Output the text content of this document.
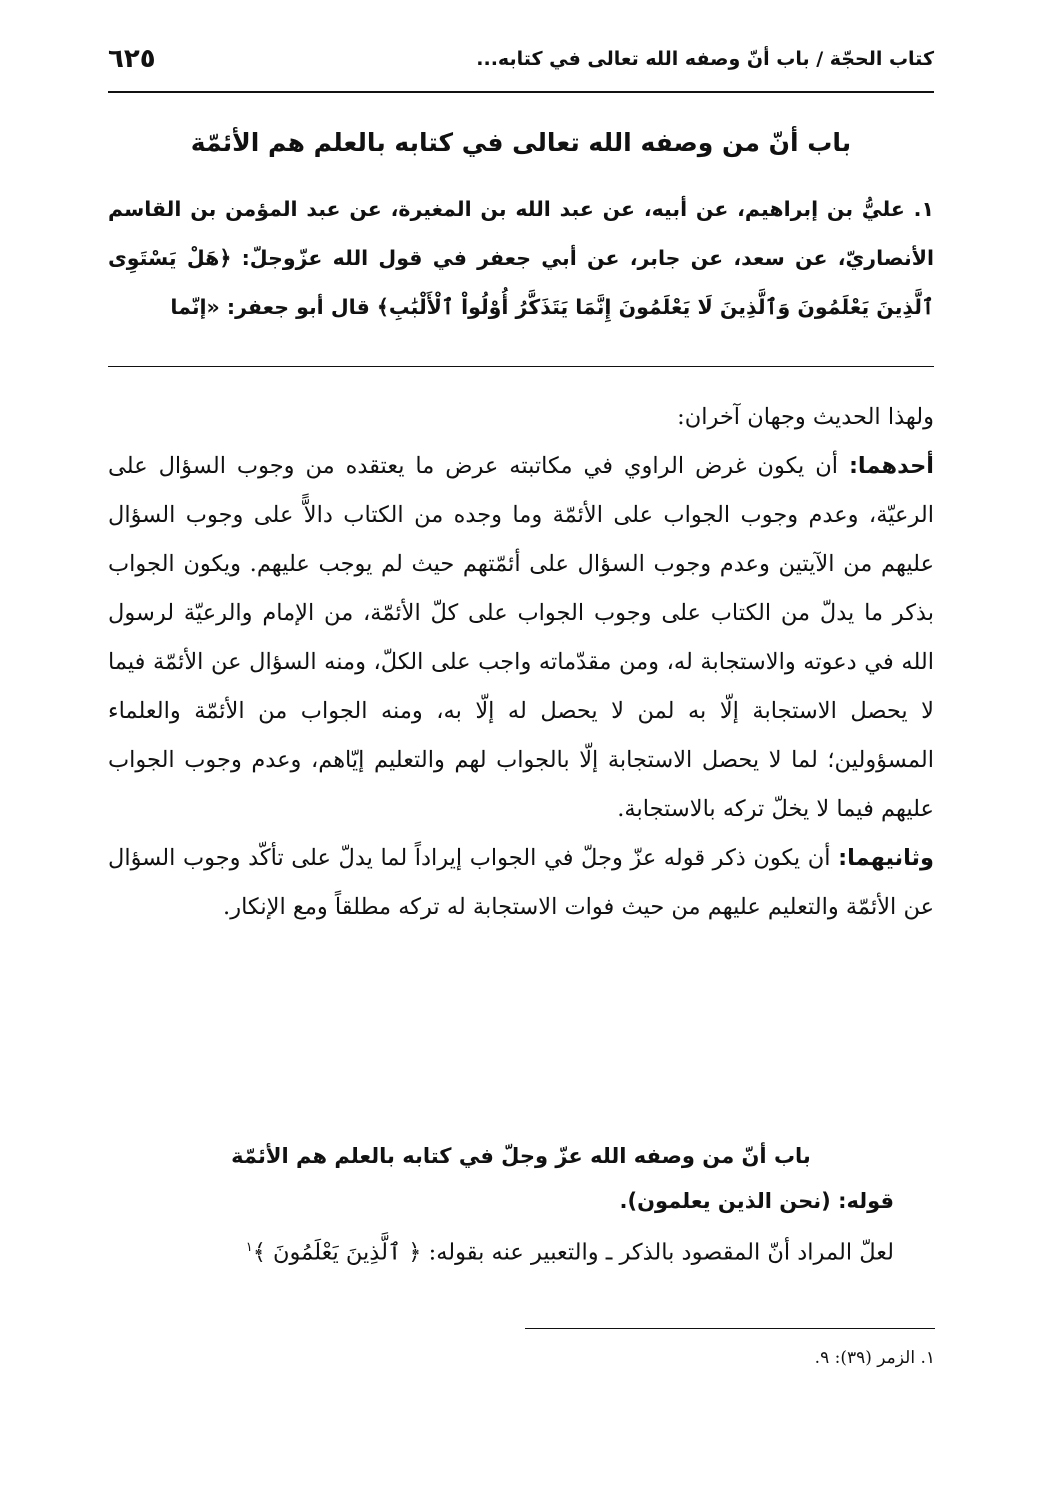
كتاب الحجّة / باب أنّ وصفه الله تعالى في كتابه...
٦٢٥
باب أنّ من وصفه الله تعالى في كتابه بالعلم هم الأئمّة
١. عليُّ بن إبراهيم، عن أبيه، عن عبد الله بن المغيرة، عن عبد المؤمن بن القاسم الأنصاريّ، عن سعد، عن جابر، عن أبي جعفر في قول الله عزّوجلّ: ﴿هَلْ يَسْتَوِى ٱلَّذِينَ يَعْلَمُونَ وَٱلَّذِينَ لَا يَعْلَمُونَ إِنَّمَا يَتَذَكَّرُ أُوْلُواْ ٱلْأَلْبَٰبِ﴾ قال أبو جعفر: «إنّما

ولهذا الحديث وجهان آخران:

أحدهما: أن يكون غرض الراوي في مكاتبته عرض ما يعتقده من وجوب السؤال على الرعيّة، وعدم وجوب الجواب على الأئمّة وما وجده من الكتاب دالاًّ على وجوب السؤال عليهم من الآيتين وعدم وجوب السؤال على أئمّتهم حيث لم يوجب عليهم. ويكون الجواب بذكر ما يدلّ من الكتاب على وجوب الجواب على كلّ الأئمّة، من الإمام والرعيّة لرسول الله في دعوته والاستجابة له، ومن مقدّماته واجب على الكلّ، ومنه السؤال عن الأئمّة فيما لا يحصل الاستجابة إلّا به لمن لا يحصل له إلّا به، ومنه الجواب من الأئمّة والعلماء المسؤولين؛ لما لا يحصل الاستجابة إلّا بالجواب لهم والتعليم إيّاهم، وعدم وجوب الجواب عليهم فيما لا يخلّ تركه بالاستجابة.

وثانيهما: أن يكون ذكر قوله عزّ وجلّ في الجواب إيراداً لما يدلّ على تأكّد وجوب السؤال عن الأئمّة والتعليم عليهم من حيث فوات الاستجابة له تركه مطلقاً ومع الإنكار.

باب أنّ من وصفه الله عزّ وجلّ في كتابه بالعلم هم الأئمّة

قوله: (نحن الذين يعلمون).

لعلّ المراد أنّ المقصود بالذكر ـ والتعبير عنه بقوله: ﴿ ٱلَّذِينَ يَعْلَمُونَ ﴾$^١$

١. الزمر (٣٩): ٩.
